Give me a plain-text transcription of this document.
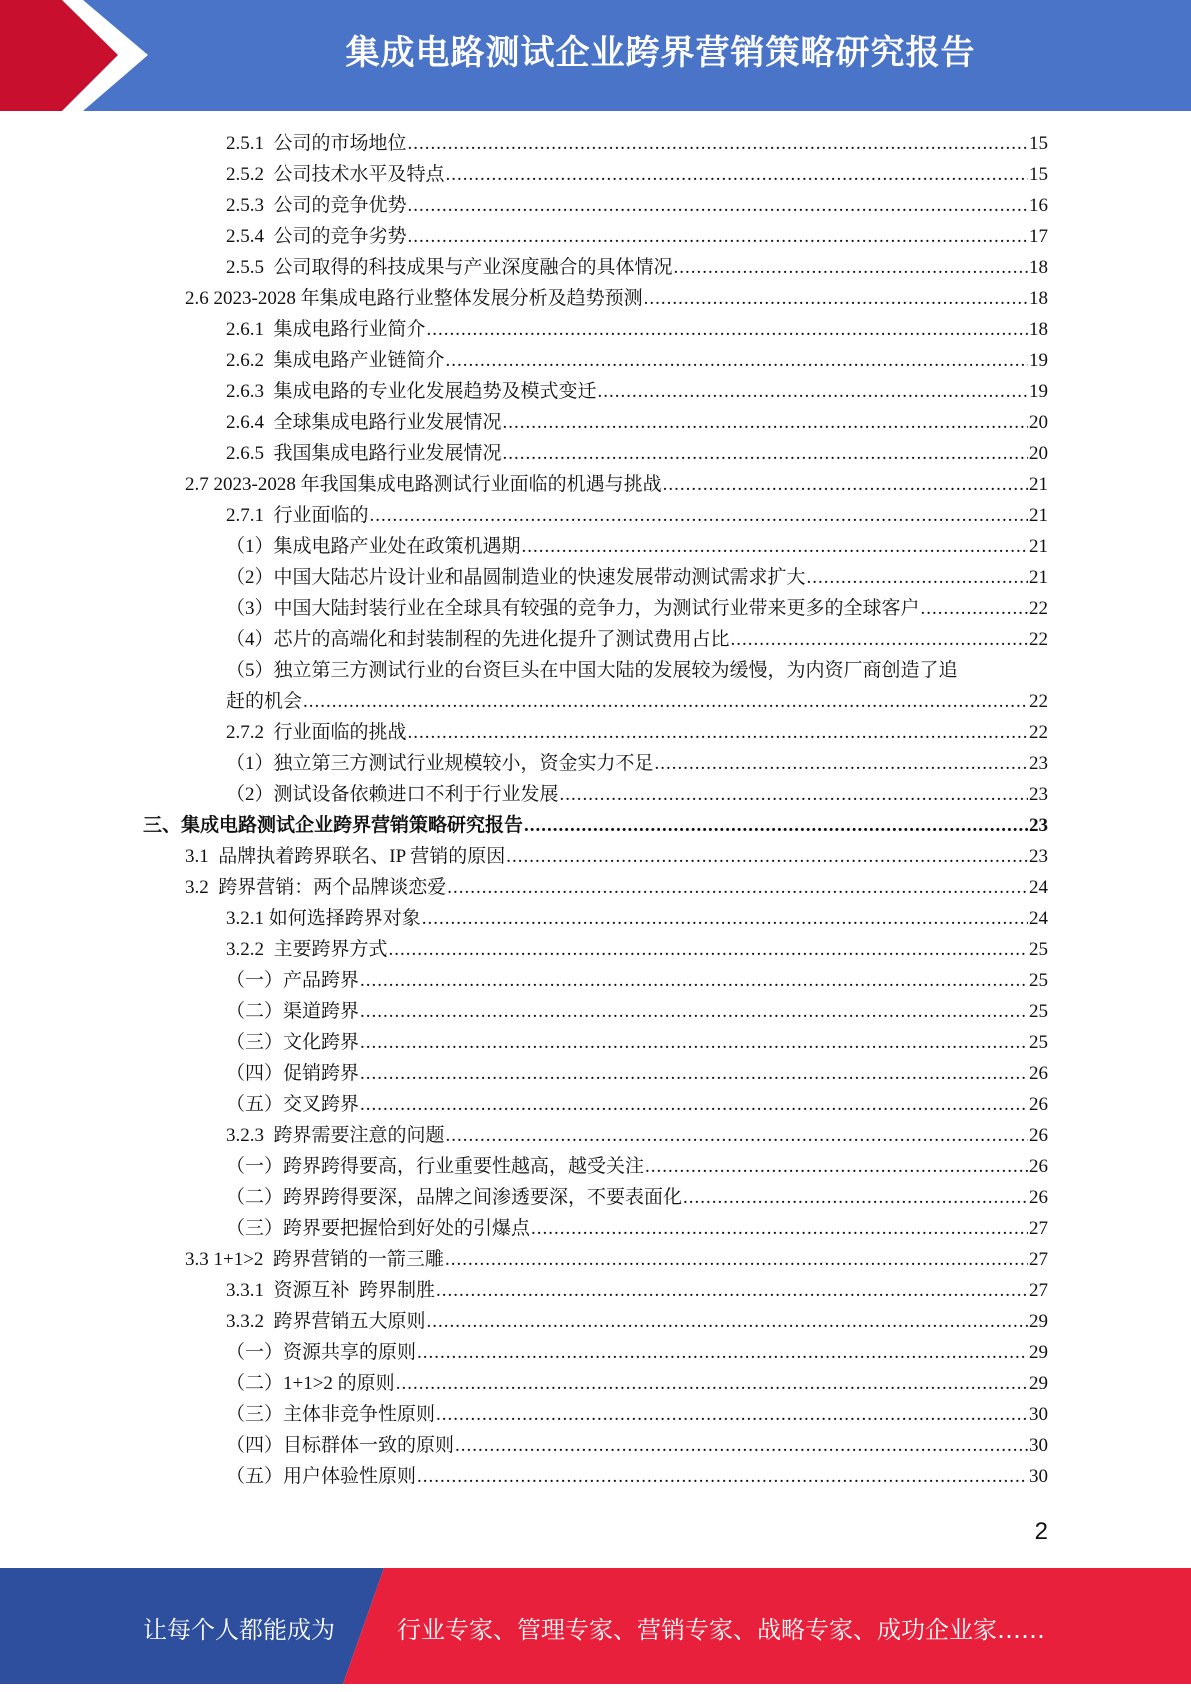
集成电路测试企业跨界营销策略研究报告
2.5.1  公司的市场地位 .....	15
2.5.2  公司技术水平及特点 .....	15
2.5.3  公司的竞争优势 .....	16
2.5.4  公司的竞争劣势 .....	17
2.5.5  公司取得的科技成果与产业深度融合的具体情况 .....	18
2.6 2023-2028 年集成电路行业整体发展分析及趋势预测 .....	18
2.6.1  集成电路行业简介 .....	18
2.6.2  集成电路产业链简介 .....	19
2.6.3  集成电路的专业化发展趋势及模式变迁 .....	19
2.6.4  全球集成电路行业发展情况 .....	20
2.6.5  我国集成电路行业发展情况 .....	20
2.7 2023-2028 年我国集成电路测试行业面临的机遇与挑战 .....	21
2.7.1  行业面临的 .....	21
（1）集成电路产业处在政策机遇期 .....	21
（2）中国大陆芯片设计业和晶圆制造业的快速发展带动测试需求扩大 .....	21
（3）中国大陆封装行业在全球具有较强的竞争力，为测试行业带来更多的全球客户 .....	22
（4）芯片的高端化和封装制程的先进化提升了测试费用占比 .....	22
（5）独立第三方测试行业的台资巨头在中国大陆的发展较为缓慢，为内资厂商创造了追
赶的机会 .....	22
2.7.2  行业面临的挑战 .....	22
（1）独立第三方测试行业规模较小，资金实力不足 .....	23
（2）测试设备依赖进口不利于行业发展 .....	23
三、集成电路测试企业跨界营销策略研究报告 .....	23
3.1  品牌执着跨界联名、IP 营销的原因 .....	23
3.2  跨界营销：两个品牌谈恋爱 .....	24
3.2.1 如何选择跨界对象 .....	24
3.2.2  主要跨界方式 .....	25
（一）产品跨界 .....	25
（二）渠道跨界 .....	25
（三）文化跨界 .....	25
（四）促销跨界 .....	26
（五）交叉跨界 .....	26
3.2.3  跨界需要注意的问题 .....	26
（一）跨界跨得要高，行业重要性越高，越受关注 .....	26
（二）跨界跨得要深，品牌之间渗透要深，不要表面化 .....	26
（三）跨界要把握恰到好处的引爆点 .....	27
3.3 1+1>2  跨界营销的一箭三雕 .....	27
3.3.1  资源互补  跨界制胜 .....	27
3.3.2  跨界营销五大原则 .....	29
（一）资源共享的原则 .....	29
（二）1+1>2 的原则 .....	29
（三）主体非竞争性原则 .....	30
（四）目标群体一致的原则 .....	30
（五）用户体验性原则 .....	30
2
让每个人都能成为	行业专家、管理专家、营销专家、战略专家、成功企业家……
